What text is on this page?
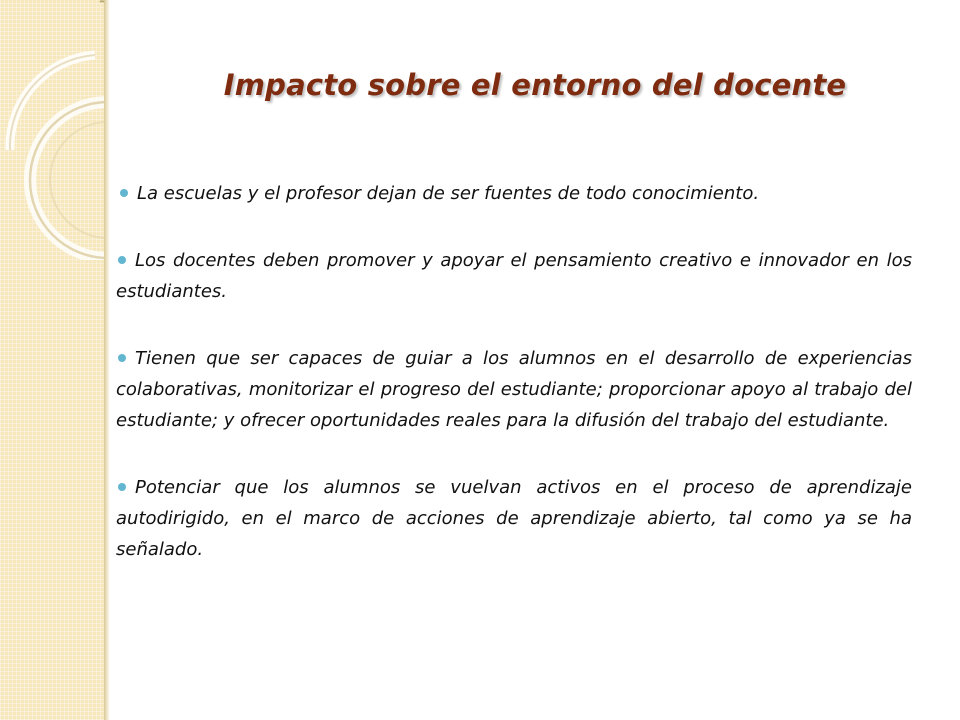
Impacto sobre el entorno del docente

La escuelas y el profesor dejan de ser fuentes de todo conocimiento.

Los docentes deben promover y apoyar el pensamiento creativo e innovador en los estudiantes.

Tienen que ser capaces de guiar a los alumnos en el desarrollo de experiencias colaborativas, monitorizar el progreso del estudiante; proporcionar apoyo al trabajo del estudiante; y ofrecer oportunidades reales para la difusión del trabajo del estudiante.

Potenciar que los alumnos se vuelvan activos en el proceso de aprendizaje autodirigido, en el marco de acciones de aprendizaje abierto, tal como ya se ha señalado.
